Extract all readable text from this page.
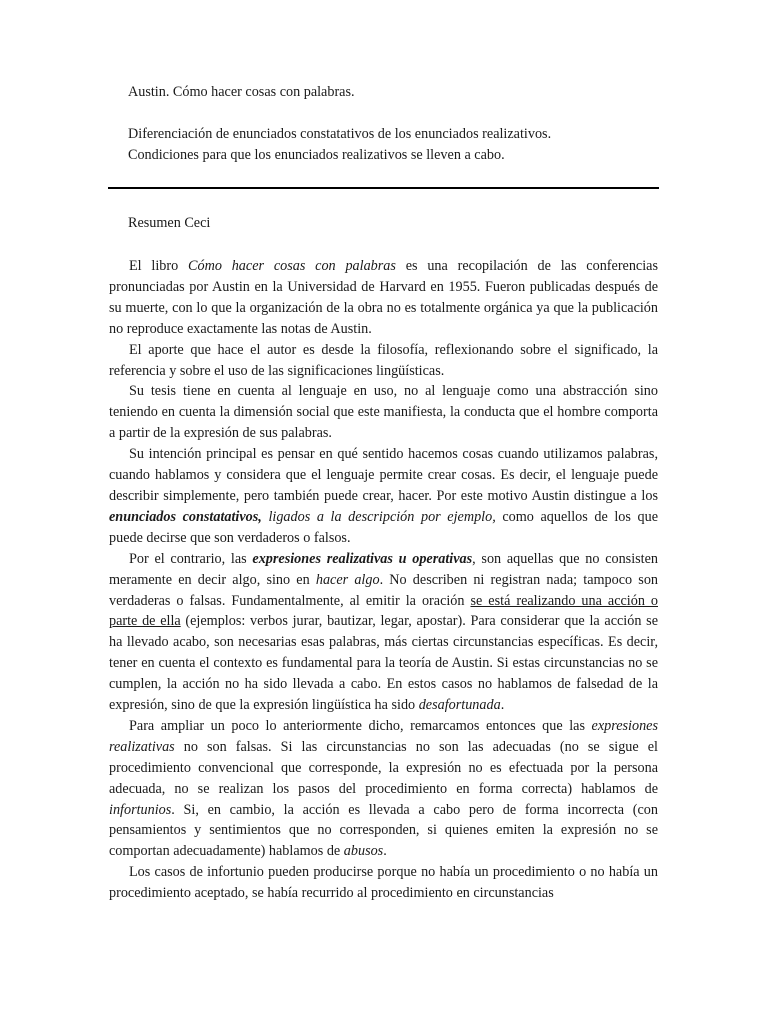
Austin. Cómo hacer cosas con palabras.
Diferenciación de enunciados constatativos de los enunciados realizativos.
Condiciones para que los enunciados realizativos se lleven a cabo.
Resumen Ceci

El libro Cómo hacer cosas con palabras es una recopilación de las conferencias pronunciadas por Austin en la Universidad de Harvard en 1955. Fueron publicadas después de su muerte, con lo que la organización de la obra no es totalmente orgánica ya que la publicación no reproduce exactamente las notas de Austin.

El aporte que hace el autor es desde la filosofía, reflexionando sobre el significado, la referencia y sobre el uso de las significaciones lingüísticas.

Su tesis tiene en cuenta al lenguaje en uso, no al lenguaje como una abstracción sino teniendo en cuenta la dimensión social que este manifiesta, la conducta que el hombre comporta a partir de la expresión de sus palabras.

Su intención principal es pensar en qué sentido hacemos cosas cuando utilizamos palabras, cuando hablamos y considera que el lenguaje permite crear cosas. Es decir, el lenguaje puede describir simplemente, pero también puede crear, hacer. Por este motivo Austin distingue a los enunciados constatativos, ligados a la descripción por ejemplo, como aquellos de los que puede decirse que son verdaderos o falsos.

Por el contrario, las expresiones realizativas u operativas, son aquellas que no consisten meramente en decir algo, sino en hacer algo. No describen ni registran nada; tampoco son verdaderas o falsas. Fundamentalmente, al emitir la oración se está realizando una acción o parte de ella (ejemplos: verbos jurar, bautizar, legar, apostar). Para considerar que la acción se ha llevado acabo, son necesarias esas palabras, más ciertas circunstancias específicas. Es decir, tener en cuenta el contexto es fundamental para la teoría de Austin. Si estas circunstancias no se cumplen, la acción no ha sido llevada a cabo. En estos casos no hablamos de falsedad de la expresión, sino de que la expresión lingüística ha sido desafortunada.

Para ampliar un poco lo anteriormente dicho, remarcamos entonces que las expresiones realizativas no son falsas. Si las circunstancias no son las adecuadas (no se sigue el procedimiento convencional que corresponde, la expresión no es efectuada por la persona adecuada, no se realizan los pasos del procedimiento en forma correcta) hablamos de infortunios. Si, en cambio, la acción es llevada a cabo pero de forma incorrecta (con pensamientos y sentimientos que no corresponden, si quienes emiten la expresión no se comportan adecuadamente) hablamos de abusos.

Los casos de infortunio pueden producirse porque no había un procedimiento o no había un procedimiento aceptado, se había recurrido al procedimiento en circunstancias
